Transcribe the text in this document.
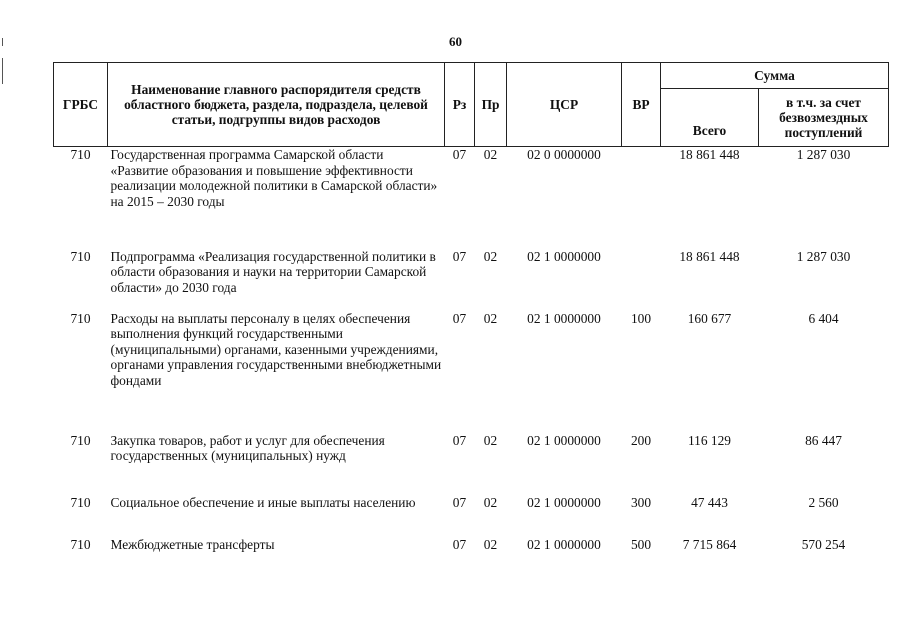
60
ГРБС	Наименование главного распорядителя средств областного бюджета, раздела, подраздела, целевой статьи, подгруппы видов расходов	Рз	Пр	ЦСР	ВР	Сумма	
						Всего	в т.ч. за счет безвозмездных поступлений
710	Государственная программа Самарской области «Развитие образования и повышение эффективности реализации молодежной политики в Самарской области» на 2015 – 2030 годы	07	02	02 0 0000000		18 861 448	1 287 030
710	Подпрограмма «Реализация государственной политики в области образования и науки на территории Самарской области» до 2030 года	07	02	02 1 0000000		18 861 448	1 287 030
710	Расходы на выплаты персоналу в целях обеспечения выполнения функций государственными (муниципальными) органами, казенными учреждениями, органами управления государственными внебюджетными фондами	07	02	02 1 0000000	100	160 677	6 404
710	Закупка товаров, работ и услуг для обеспечения государственных (муниципальных) нужд	07	02	02 1 0000000	200	116 129	86 447
710	Социальное обеспечение и иные выплаты населению	07	02	02 1 0000000	300	47 443	2 560
710	Межбюджетные трансферты	07	02	02 1 0000000	500	7 715 864	570 254
